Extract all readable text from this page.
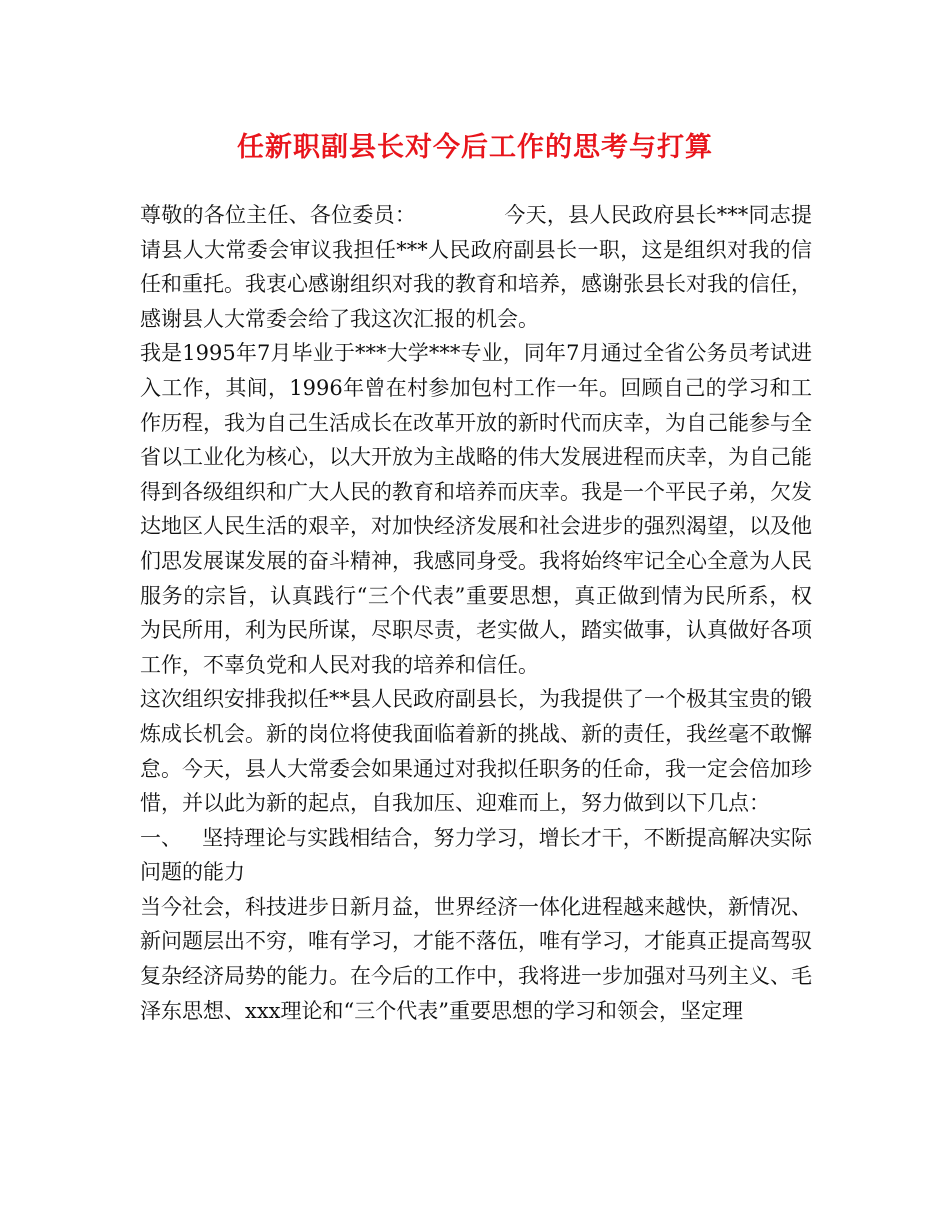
任新职副县长对今后工作的思考与打算

尊敬的各位主任、各位委员：	今天，县人民政府县长***同志提请县人大常委会审议我担任***人民政府副县长一职，这是组织对我的信任和重托。我衷心感谢组织对我的教育和培养，感谢张县长对我的信任，感谢县人大常委会给了我这次汇报的机会。

我是1995年7月毕业于***大学***专业，同年7月通过全省公务员考试进入工作，其间，1996年曾在村参加包村工作一年。回顾自己的学习和工作历程，我为自己生活成长在改革开放的新时代而庆幸，为自己能参与全省以工业化为核心，以大开放为主战略的伟大发展进程而庆幸，为自己能得到各级组织和广大人民的教育和培养而庆幸。我是一个平民子弟，欠发达地区人民生活的艰辛，对加快经济发展和社会进步的强烈渴望，以及他们思发展谋发展的奋斗精神，我感同身受。我将始终牢记全心全意为人民服务的宗旨，认真践行“三个代表”重要思想，真正做到情为民所系，权为民所用，利为民所谋，尽职尽责，老实做人，踏实做事，认真做好各项工作，不辜负党和人民对我的培养和信任。

这次组织安排我拟任**县人民政府副县长，为我提供了一个极其宝贵的锻炼成长机会。新的岗位将使我面临着新的挑战、新的责任，我丝毫不敢懈怠。今天，县人大常委会如果通过对我拟任职务的任命，我一定会倍加珍惜，并以此为新的起点，自我加压、迎难而上，努力做到以下几点：

一、 坚持理论与实践相结合，努力学习，增长才干，不断提高解决实际问题的能力

当今社会，科技进步日新月益，世界经济一体化进程越来越快，新情况、新问题层出不穷，唯有学习，才能不落伍，唯有学习，才能真正提高驾驭复杂经济局势的能力。在今后的工作中，我将进一步加强对马列主义、毛泽东思想、xxx理论和“三个代表”重要思想的学习和领会，坚定理
